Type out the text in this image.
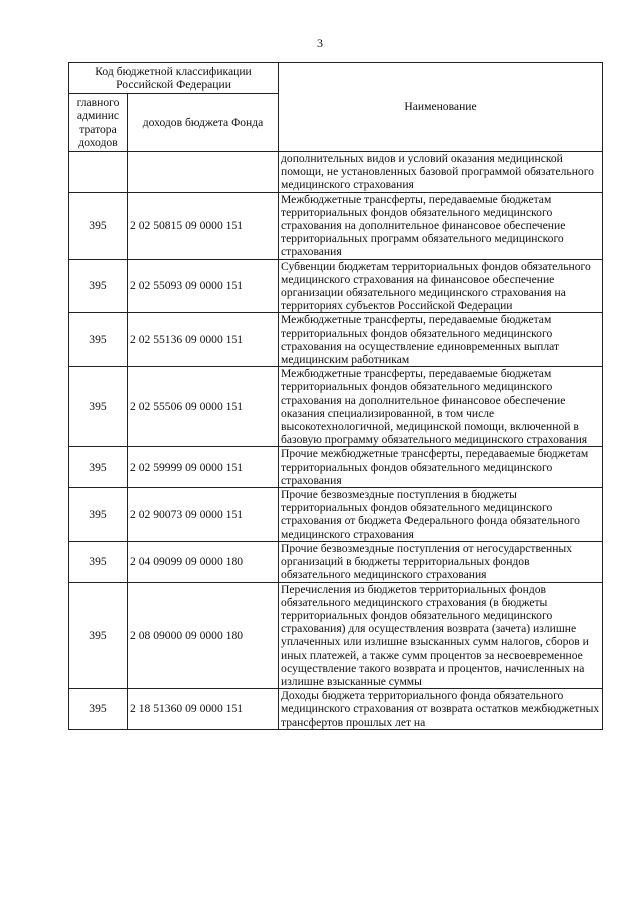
3
Код бюджетной классификации Российской Федерации		Наименование
главного админис тратора доходов	доходов бюджета Фонда	
		дополнительных видов и условий оказания медицинской помощи, не установленных базовой программой обязательного медицинского страхования
395	2 02 50815 09 0000 151	Межбюджетные трансферты, передаваемые бюджетам территориальных фондов обязательного медицинского страхования на дополнительное финансовое обеспечение территориальных программ обязательного медицинского страхования
395	2 02 55093 09 0000 151	Субвенции бюджетам территориальных фондов обязательного медицинского страхования на финансовое обеспечение организации обязательного медицинского страхования на территориях субъектов Российской Федерации
395	2 02 55136 09 0000 151	Межбюджетные трансферты, передаваемые бюджетам территориальных фондов обязательного медицинского страхования на осуществление единовременных выплат медицинским работникам
395	2 02 55506 09 0000 151	Межбюджетные трансферты, передаваемые бюджетам территориальных фондов обязательного медицинского страхования на дополнительное финансовое обеспечение оказания специализированной, в том числе высокотехнологичной, медицинской помощи, включенной в базовую программу обязательного медицинского страхования
395	2 02 59999 09 0000 151	Прочие межбюджетные трансферты, передаваемые бюджетам территориальных фондов обязательного медицинского страхования
395	2 02 90073 09 0000 151	Прочие безвозмездные поступления в бюджеты территориальных фондов обязательного медицинского страхования от бюджета Федерального фонда обязательного медицинского страхования
395	2 04 09099 09 0000 180	Прочие безвозмездные поступления от негосударственных организаций в бюджеты территориальных фондов обязательного медицинского страхования
395	2 08 09000 09 0000 180	Перечисления из бюджетов территориальных фондов обязательного медицинского страхования (в бюджеты территориальных фондов обязательного медицинского страхования) для осуществления возврата (зачета) излишне уплаченных или излишне взысканных сумм налогов, сборов и иных платежей, а также сумм процентов за несвоевременное осуществление такого возврата и процентов, начисленных на излишне взысканные суммы
395	2 18 51360 09 0000 151	Доходы бюджета территориального фонда обязательного медицинского страхования от возврата остатков межбюджетных трансфертов прошлых лет на
